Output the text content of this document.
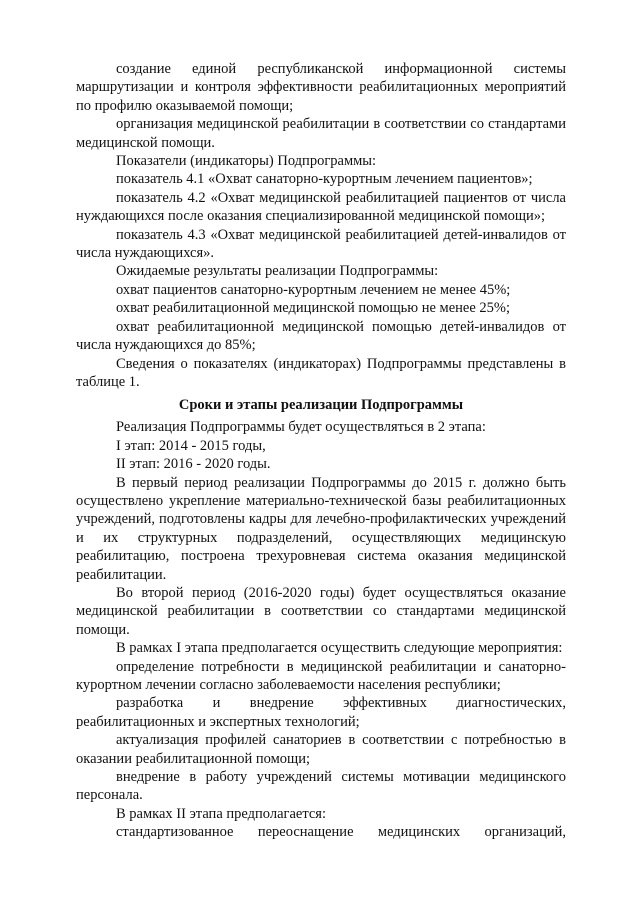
создание единой республиканской информационной системы маршрутизации и контроля эффективности реабилитационных мероприятий по профилю оказываемой помощи;

организация медицинской реабилитации в соответствии со стандартами медицинской помощи.

Показатели (индикаторы) Подпрограммы:

показатель 4.1 «Охват санаторно-курортным лечением пациентов»;

показатель 4.2 «Охват медицинской реабилитацией пациентов от числа нуждающихся после оказания специализированной медицинской помощи»;

показатель 4.3 «Охват медицинской реабилитацией детей-инвалидов от числа нуждающихся».

Ожидаемые результаты реализации Подпрограммы:

охват пациентов санаторно-курортным лечением не менее 45%;

охват реабилитационной медицинской помощью не менее 25%;

охват реабилитационной медицинской помощью детей-инвалидов от числа нуждающихся до 85%;

Сведения о показателях (индикаторах) Подпрограммы представлены в таблице 1.

Сроки и этапы реализации Подпрограммы

Реализация Подпрограммы будет осуществляться в 2 этапа:

I этап: 2014 - 2015 годы,

II этап: 2016 - 2020 годы.

В первый период реализации Подпрограммы до 2015 г. должно быть осуществлено укрепление материально-технической базы реабилитационных учреждений, подготовлены кадры для лечебно-профилактических учреждений и их структурных подразделений, осуществляющих медицинскую реабилитацию, построена трехуровневая система оказания медицинской реабилитации.

Во второй период (2016-2020 годы) будет осуществляться оказание медицинской реабилитации в соответствии со стандартами медицинской помощи.

В рамках I этапа предполагается осуществить следующие мероприятия:

определение потребности в медицинской реабилитации и санаторно-курортном лечении согласно заболеваемости населения республики;

разработка и внедрение эффективных диагностических, реабилитационных и экспертных технологий;

актуализация профилей санаториев в соответствии с потребностью в оказании реабилитационной помощи;

внедрение в работу учреждений системы мотивации медицинского персонала.

В рамках II этапа предполагается:

стандартизованное переоснащение медицинских организаций,
